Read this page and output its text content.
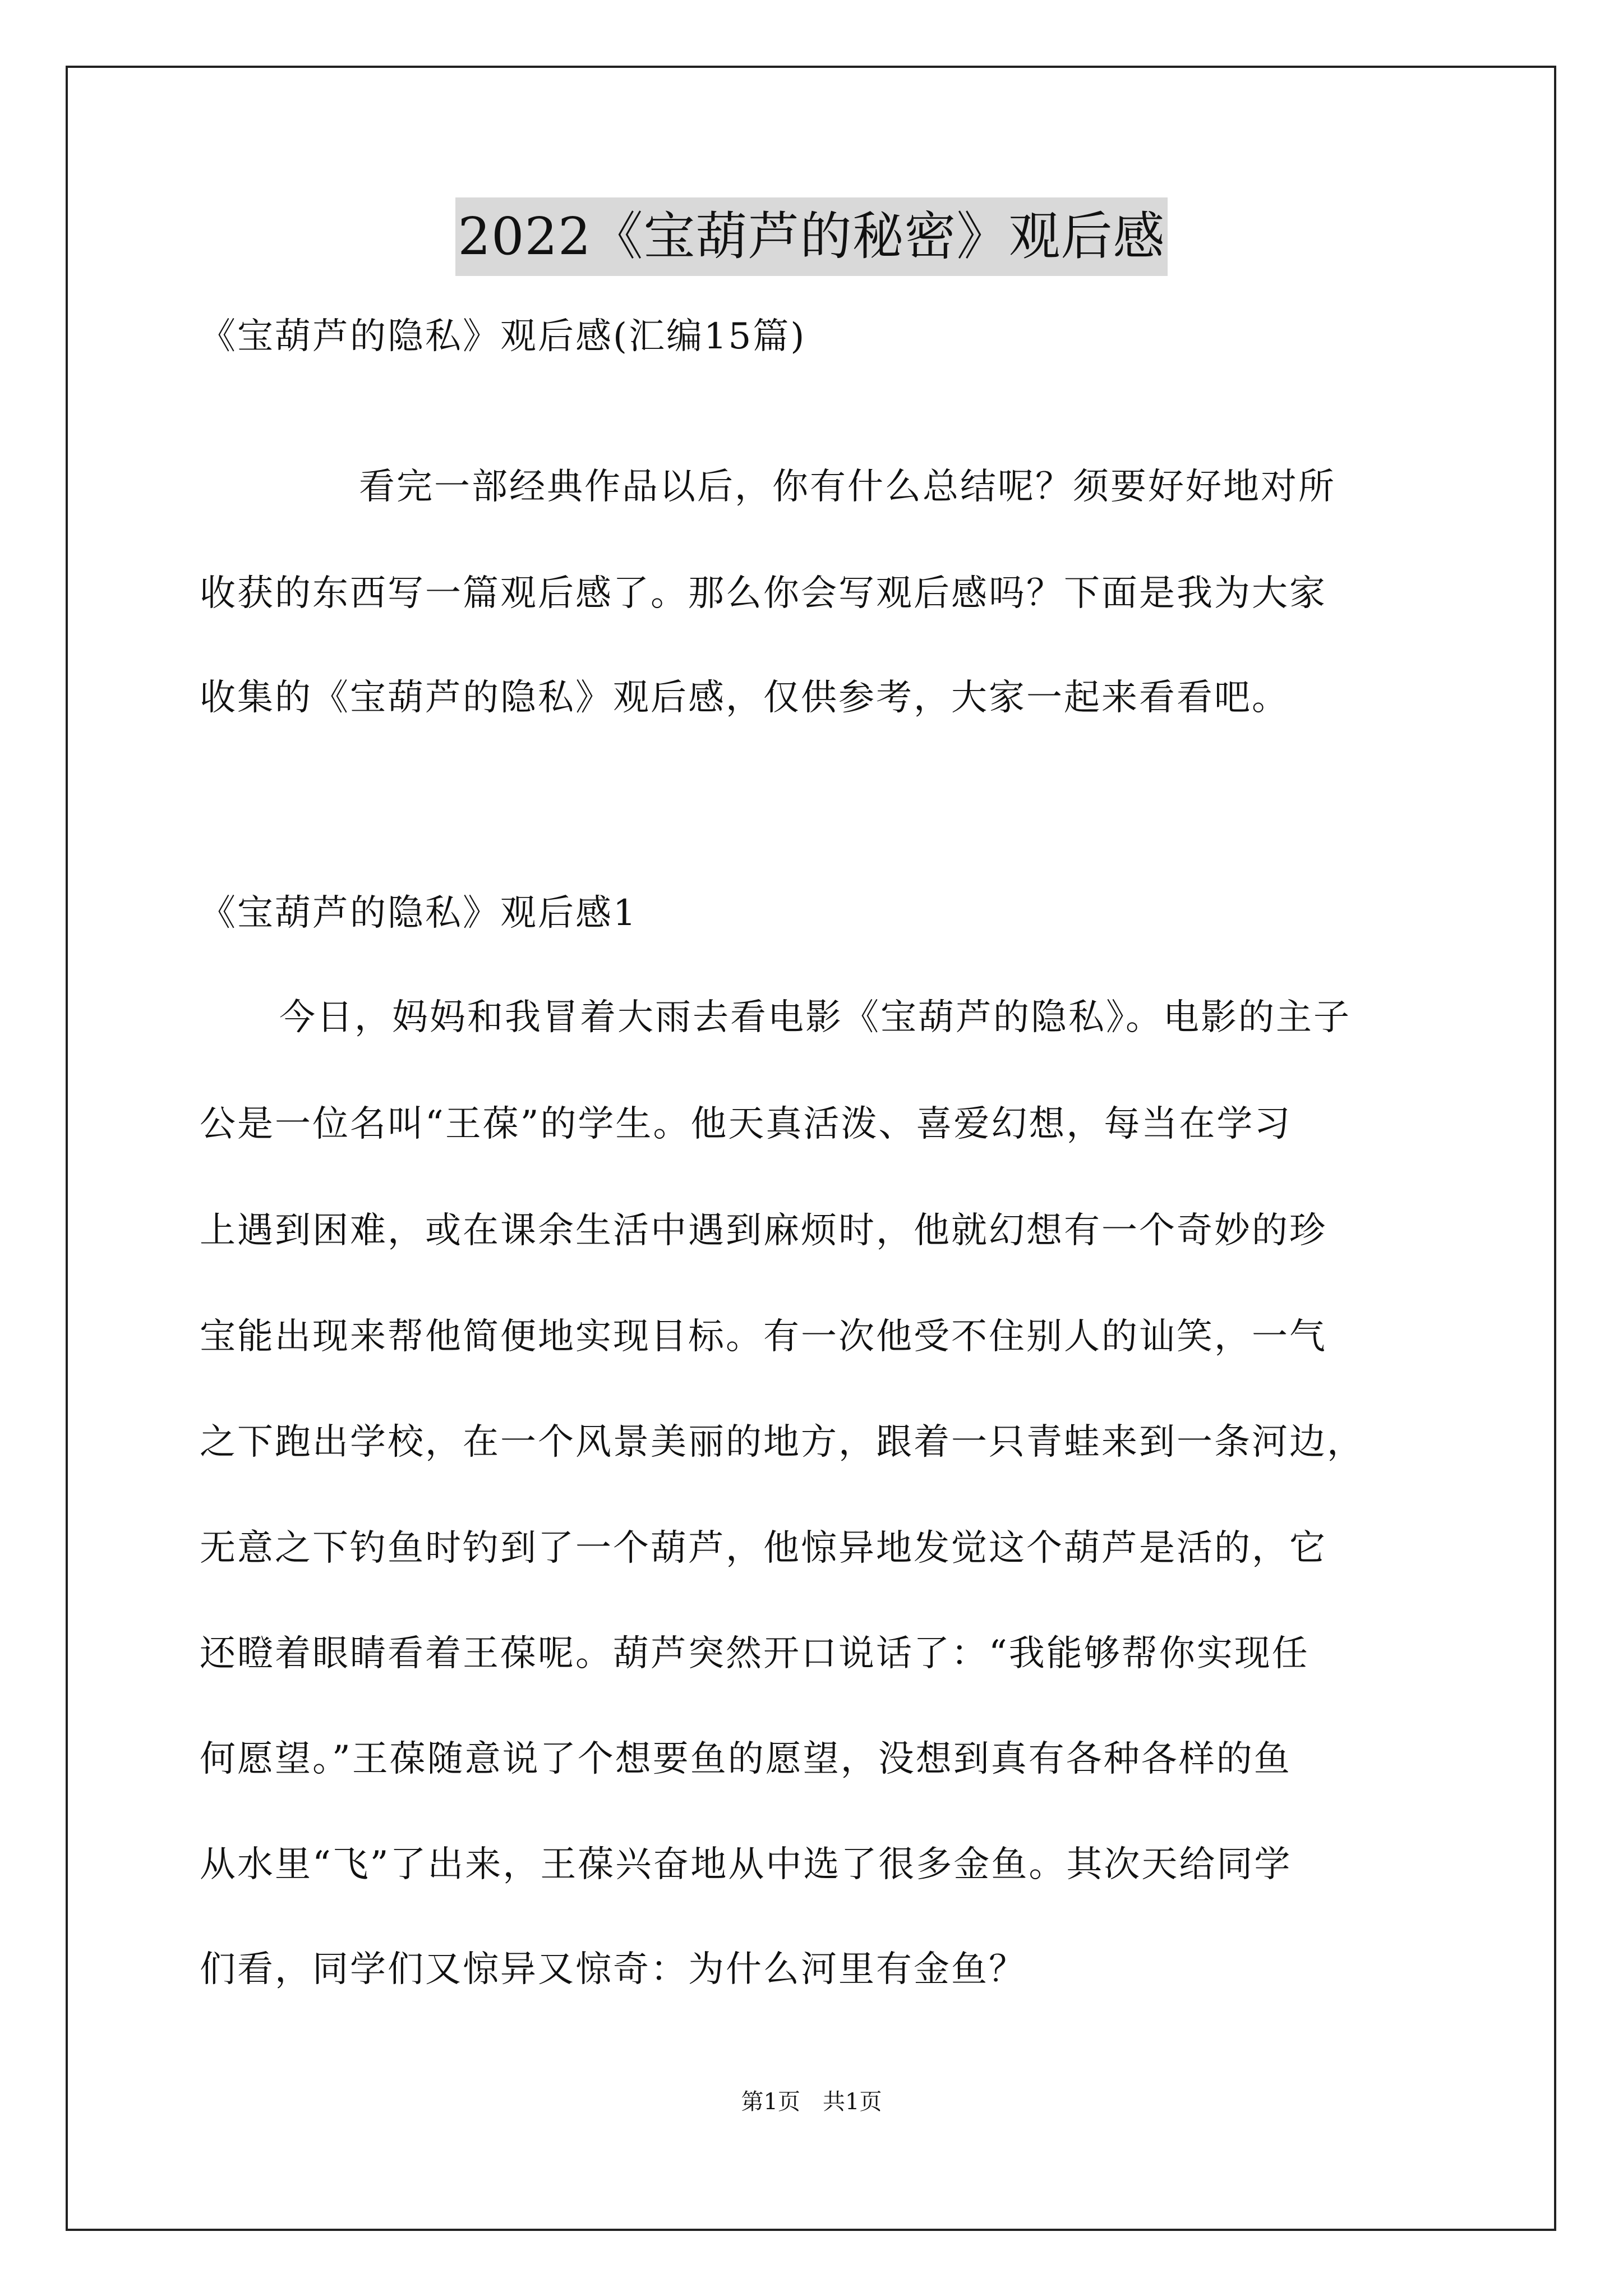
2022《宝葫芦的秘密》观后感
《宝葫芦的隐私》观后感(汇编15篇)
看完一部经典作品以后，你有什么总结呢？须要好好地对所
收获的东西写一篇观后感了。那么你会写观后感吗？下面是我为大家
收集的《宝葫芦的隐私》观后感，仅供参考，大家一起来看看吧。
《宝葫芦的隐私》观后感1
今日，妈妈和我冒着大雨去看电影《宝葫芦的隐私》。电影的主子
公是一位名叫“王葆”的学生。他天真活泼、喜爱幻想，每当在学习
上遇到困难，或在课余生活中遇到麻烦时，他就幻想有一个奇妙的珍
宝能出现来帮他简便地实现目标。有一次他受不住别人的讪笑，一气
之下跑出学校，在一个风景美丽的地方，跟着一只青蛙来到一条河边，
无意之下钓鱼时钓到了一个葫芦，他惊异地发觉这个葫芦是活的，它
还瞪着眼睛看着王葆呢。葫芦突然开口说话了：“我能够帮你实现任
何愿望。”王葆随意说了个想要鱼的愿望，没想到真有各种各样的鱼
从水里“飞”了出来，王葆兴奋地从中选了很多金鱼。其次天给同学
们看，同学们又惊异又惊奇：为什么河里有金鱼？
第1页　共1页
